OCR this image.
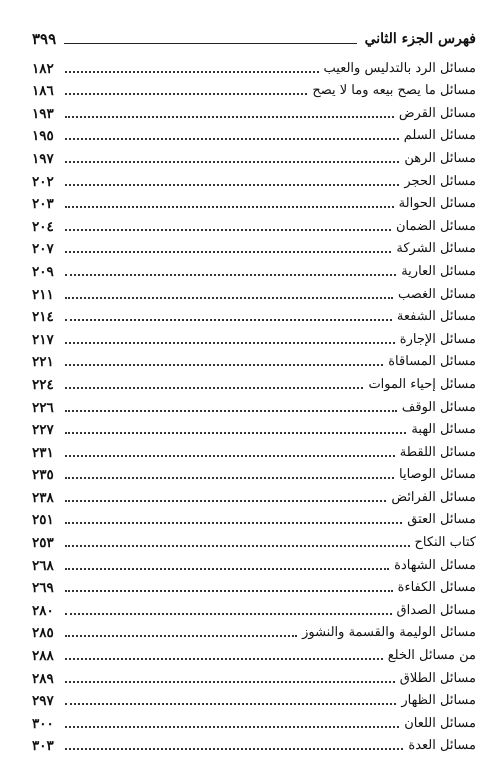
فهرس الجزء الثاني
٣٩٩
مسائل الرد بالتدليس والعيب
١٨٢
مسائل ما يصح بيعه وما لا يصح
١٨٦
مسائل القرض
١٩٣
مسائل السلم
١٩٥
مسائل الرهن
١٩٧
مسائل الحجر
٢٠٢
مسائل الحوالة
٢٠٣
مسائل الضمان
٢٠٤
مسائل الشركة
٢٠٧
مسائل العارية
٢٠٩
مسائل الغصب
٢١١
مسائل الشفعة
٢١٤
مسائل الإجارة
٢١٧
مسائل المساقاة
٢٢١
مسائل إحياء الموات
٢٢٤
مسائل الوقف
٢٢٦
مسائل الهبة
٢٢٧
مسائل اللقطة
٢٣١
مسائل الوصايا
٢٣٥
مسائل الفرائض
٢٣٨
مسائل العتق
٢٥١
كتاب النكاح
٢٥٣
مسائل الشهادة
٢٦٨
مسائل الكفاءة
٢٦٩
مسائل الصداق
٢٨٠
مسائل الوليمة والقسمة والنشوز
٢٨٥
من مسائل الخلع
٢٨٨
مسائل الطلاق
٢٨٩
مسائل الظهار
٢٩٧
مسائل اللعان
٣٠٠
مسائل العدة
٣٠٣
